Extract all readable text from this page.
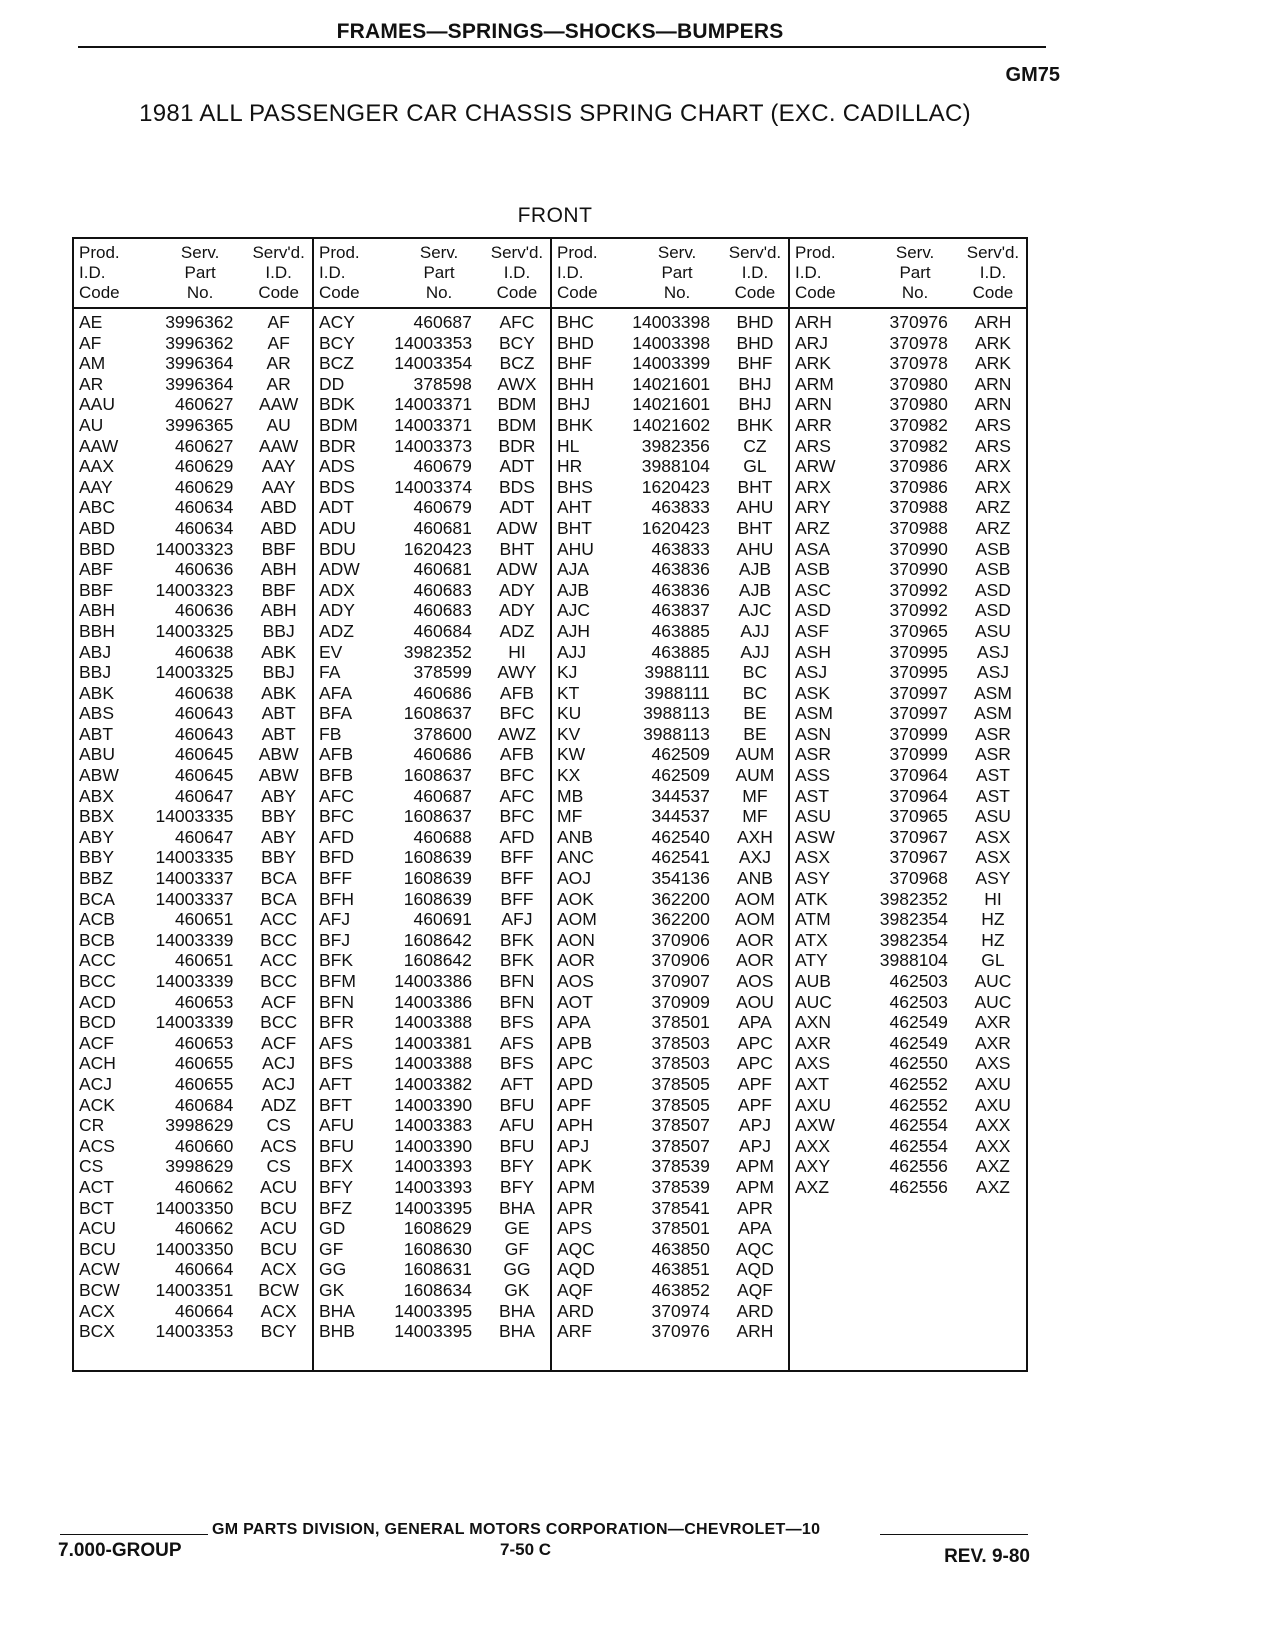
FRAMES—SPRINGS—SHOCKS—BUMPERS
GM75
1981 ALL PASSENGER CAR CHASSIS SPRING CHART (EXC. CADILLAC)
FRONT
Prod.
I.D.
Code
Serv.
Part
No.
Serv'd.
I.D.
Code
AE	3996362	AF
AF	3996362	AF
AM	3996364	AR
AR	3996364	AR
AAU	460627	AAW
AU	3996365	AU
AAW	460627	AAW
AAX	460629	AAY
AAY	460629	AAY
ABC	460634	ABD
ABD	460634	ABD
BBD	14003323	BBF
ABF	460636	ABH
BBF	14003323	BBF
ABH	460636	ABH
BBH	14003325	BBJ
ABJ	460638	ABK
BBJ	14003325	BBJ
ABK	460638	ABK
ABS	460643	ABT
ABT	460643	ABT
ABU	460645	ABW
ABW	460645	ABW
ABX	460647	ABY
BBX	14003335	BBY
ABY	460647	ABY
BBY	14003335	BBY
BBZ	14003337	BCA
BCA	14003337	BCA
ACB	460651	ACC
BCB	14003339	BCC
ACC	460651	ACC
BCC	14003339	BCC
ACD	460653	ACF
BCD	14003339	BCC
ACF	460653	ACF
ACH	460655	ACJ
ACJ	460655	ACJ
ACK	460684	ADZ
CR	3998629	CS
ACS	460660	ACS
CS	3998629	CS
ACT	460662	ACU
BCT	14003350	BCU
ACU	460662	ACU
BCU	14003350	BCU
ACW	460664	ACX
BCW	14003351	BCW
ACX	460664	ACX
BCX	14003353	BCY
Prod.
I.D.
Code
Serv.
Part
No.
Serv'd.
I.D.
Code
ACY	460687	AFC
BCY	14003353	BCY
BCZ	14003354	BCZ
DD	378598	AWX
BDK	14003371	BDM
BDM	14003371	BDM
BDR	14003373	BDR
ADS	460679	ADT
BDS	14003374	BDS
ADT	460679	ADT
ADU	460681	ADW
BDU	1620423	BHT
ADW	460681	ADW
ADX	460683	ADY
ADY	460683	ADY
ADZ	460684	ADZ
EV	3982352	HI
FA	378599	AWY
AFA	460686	AFB
BFA	1608637	BFC
FB	378600	AWZ
AFB	460686	AFB
BFB	1608637	BFC
AFC	460687	AFC
BFC	1608637	BFC
AFD	460688	AFD
BFD	1608639	BFF
BFF	1608639	BFF
BFH	1608639	BFF
AFJ	460691	AFJ
BFJ	1608642	BFK
BFK	1608642	BFK
BFM	14003386	BFN
BFN	14003386	BFN
BFR	14003388	BFS
AFS	14003381	AFS
BFS	14003388	BFS
AFT	14003382	AFT
BFT	14003390	BFU
AFU	14003383	AFU
BFU	14003390	BFU
BFX	14003393	BFY
BFY	14003393	BFY
BFZ	14003395	BHA
GD	1608629	GE
GF	1608630	GF
GG	1608631	GG
GK	1608634	GK
BHA	14003395	BHA
BHB	14003395	BHA
Prod.
I.D.
Code
Serv.
Part
No.
Serv'd.
I.D.
Code
BHC	14003398	BHD
BHD	14003398	BHD
BHF	14003399	BHF
BHH	14021601	BHJ
BHJ	14021601	BHJ
BHK	14021602	BHK
HL	3982356	CZ
HR	3988104	GL
BHS	1620423	BHT
AHT	463833	AHU
BHT	1620423	BHT
AHU	463833	AHU
AJA	463836	AJB
AJB	463836	AJB
AJC	463837	AJC
AJH	463885	AJJ
AJJ	463885	AJJ
KJ	3988111	BC
KT	3988111	BC
KU	3988113	BE
KV	3988113	BE
KW	462509	AUM
KX	462509	AUM
MB	344537	MF
MF	344537	MF
ANB	462540	AXH
ANC	462541	AXJ
AOJ	354136	ANB
AOK	362200	AOM
AOM	362200	AOM
AON	370906	AOR
AOR	370906	AOR
AOS	370907	AOS
AOT	370909	AOU
APA	378501	APA
APB	378503	APC
APC	378503	APC
APD	378505	APF
APF	378505	APF
APH	378507	APJ
APJ	378507	APJ
APK	378539	APM
APM	378539	APM
APR	378541	APR
APS	378501	APA
AQC	463850	AQC
AQD	463851	AQD
AQF	463852	AQF
ARD	370974	ARD
ARF	370976	ARH
Prod.
I.D.
Code
Serv.
Part
No.
Serv'd.
I.D.
Code
ARH	370976	ARH
ARJ	370978	ARK
ARK	370978	ARK
ARM	370980	ARN
ARN	370980	ARN
ARR	370982	ARS
ARS	370982	ARS
ARW	370986	ARX
ARX	370986	ARX
ARY	370988	ARZ
ARZ	370988	ARZ
ASA	370990	ASB
ASB	370990	ASB
ASC	370992	ASD
ASD	370992	ASD
ASF	370965	ASU
ASH	370995	ASJ
ASJ	370995	ASJ
ASK	370997	ASM
ASM	370997	ASM
ASN	370999	ASR
ASR	370999	ASR
ASS	370964	AST
AST	370964	AST
ASU	370965	ASU
ASW	370967	ASX
ASX	370967	ASX
ASY	370968	ASY
ATK	3982352	HI
ATM	3982354	HZ
ATX	3982354	HZ
ATY	3988104	GL
AUB	462503	AUC
AUC	462503	AUC
AXN	462549	AXR
AXR	462549	AXR
AXS	462550	AXS
AXT	462552	AXU
AXU	462552	AXU
AXW	462554	AXX
AXX	462554	AXX
AXY	462556	AXZ
AXZ	462556	AXZ
GM PARTS DIVISION, GENERAL MOTORS CORPORATION—CHEVROLET—10
7.000-GROUP	7-50 C	REV. 9-80
